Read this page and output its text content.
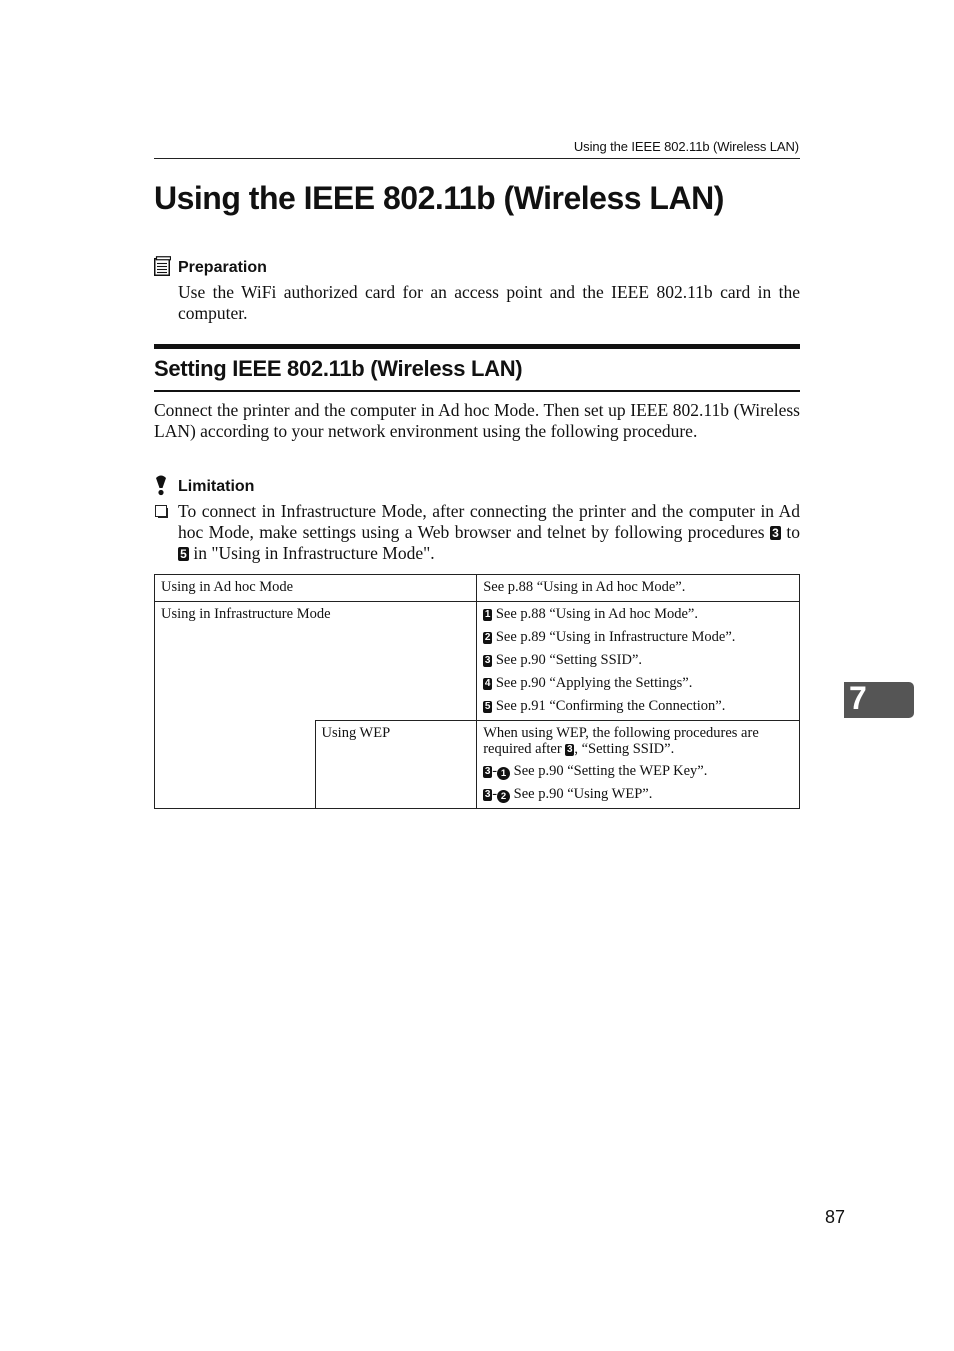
Using the IEEE 802.11b (Wireless LAN)
Using the IEEE 802.11b (Wireless LAN)
Preparation

Use the WiFi authorized card for an access point and the IEEE 802.11b card in the computer.

Setting IEEE 802.11b (Wireless LAN)

Connect the printer and the computer in Ad hoc Mode. Then set up IEEE 802.11b (Wireless LAN) according to your network environment using the following procedure.

Limitation

To connect in Infrastructure Mode, after connecting the printer and the computer in Ad hoc Mode, make settings using a Web browser and telnet by following procedures 3 to 5 in "Using in Infrastructure Mode".

Using in Ad hoc Mode		See p.88 “Using in Ad hoc Mode”.
Using in Infrastructure Mode		1 See p.88 “Using in Ad hoc Mode”.
2 See p.89 “Using in Infrastructure Mode”.
3 See p.90 “Setting SSID”.
4 See p.90 “Applying the Settings”.
5 See p.91 “Confirming the Connection”.

	Using WEP	When using WEP, the following procedures are required after 3 , “Setting SSID”.
3 - 1 See p.90 “Setting the WEP Key”.
3 - 2 See p.90 “Using WEP”.
7
87
